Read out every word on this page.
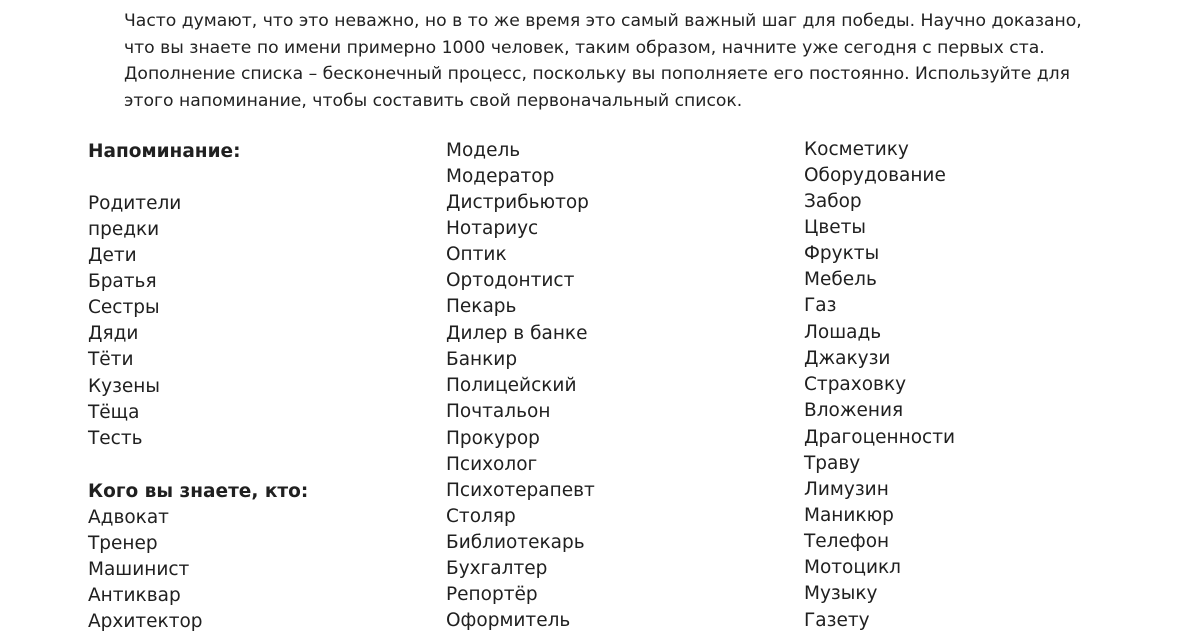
Часто думают, что это неважно, но в то же время это самый важный шаг для победы. Научно доказано,
что вы знаете по имени примерно 1000 человек, таким образом, начните уже сегодня с первых ста.
Дополнение списка – бесконечный процесс, поскольку вы пополняете его постоянно. Используйте для
этого напоминание, чтобы составить свой первоначальный список.
Напоминание:
Родители
предки
Дети
Братья
Сестры
Дяди
Тёти
Кузены
Тёща
Тесть
Кого вы знаете, кто:
Адвокат
Тренер
Машинист
Антиквар
Архитектор
Модель
Модератор
Дистрибьютор
Нотариус
Оптик
Ортодонтист
Пекарь
Дилер в банке
Банкир
Полицейский
Почтальон
Прокурор
Психолог
Психотерапевт
Столяр
Библиотекарь
Бухгалтер
Репортёр
Оформитель
Косметику
Оборудование
Забор
Цветы
Фрукты
Мебель
Газ
Лошадь
Джакузи
Страховку
Вложения
Драгоценности
Траву
Лимузин
Маникюр
Телефон
Мотоцикл
Музыку
Газету
